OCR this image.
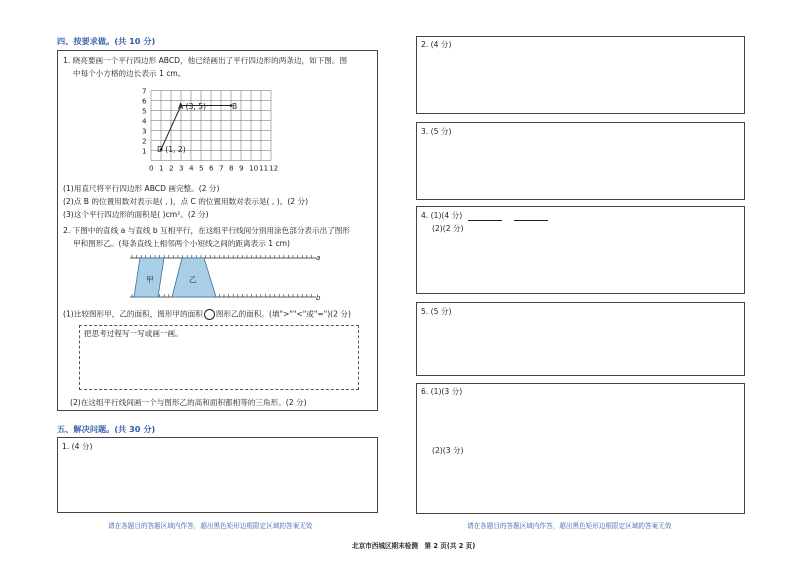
四、按要求做。(共 10 分)
1. 晓亮要画一个平行四边形 ABCD，他已经画出了平行四边形的两条边，如下图。图
中每个小方格的边长表示 1 cm。
0 1 2 3 4 5 6 7 8 9 10 11 12
1
2
3
4
5
6
7
A (3, 5)	B
D (1, 2)
(1)用直尺将平行四边形 ABCD 画完整。(2 分)
(2)点 B 的位置用数对表示是( , )，点 C 的位置用数对表示是( , )。(2 分)
(3)这个平行四边形的面积是( )cm²。(2 分)
2. 下图中的直线 a 与直线 b 互相平行，在这组平行线间分别用涂色部分表示出了图形
甲和图形乙。(每条直线上相邻两个小短线之间的距离表示 1 cm)
甲	乙
a
b
(1)比较图形甲，乙的面积，图形甲的面积 图形乙的面积。(填">""<"或"=")(2 分)
把思考过程写一写或画一画。
(2)在这组平行线间画一个与图形乙的高和面积都相等的三角形。(2 分)
五、解决问题。(共 30 分)
1. (4 分)
请在各题目的答题区域内作答，超出黑色矩形边框限定区域的答案无效
2. (4 分)
3. (5 分)
4. (1)(4 分)
(2)(2 分)
5. (5 分)
6. (1)(3 分)
(2)(3 分)
请在各题目的答题区域内作答，超出黑色矩形边框限定区域的答案无效
北京市西城区期末检测　第 2 页(共 2 页)
